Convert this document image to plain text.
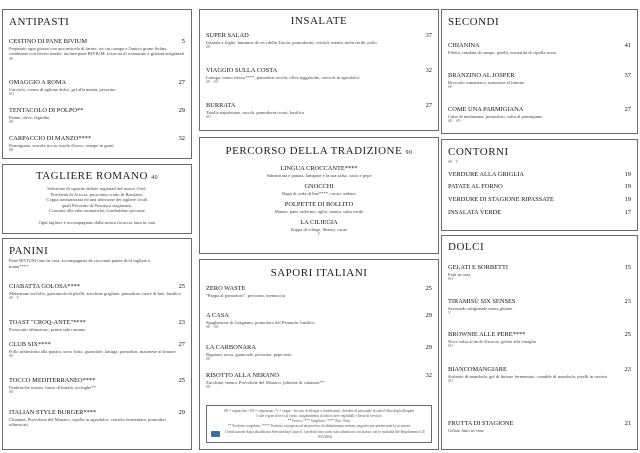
ANTIPASTI
CESTINO DI PANE BIVIUM	5
Preparato ogni giorno con una miscela di farine, tra cui canapa e l'antico grano Solina, combinate con lievito madre, incluse pane BIVIUM, focaccia al rosmarino e grissini artigianali
SE
OMAGGIO A ROMA	27
Carciofo, crema di aglione dolce, gel alla menta, pecorino
SO
TENTACOLO DI POLPO**	29
Patate, olive, fagiolini
SE
CARPACCIO DI MANZO****	32
Parmigiano, scarola riccia, tuorlo d'uovo, senape in grani
SE
TAGLIERE ROMANO 40
Selezione di squisite delizie regionali del nostro Chef:
Porchetta di Ariccia, prosciutto crudo di Bassiano,
Coppa aromatizzata ed una selezione dei tagliere locali
quali Pecorino di Picinisco stagionato,
Conciato alle erbe aromatiche, Garibaldino piccante
Ogni tagliere è accompagnato dalla nostra focaccia fatta in casa
PANINI
Pane BIVIUM fatto in casa, accompagnati da croccanti patate di/ol tagliate a mano****
CIABATTA GOLOSA****	25
Melanzane sott'olio, guacamole di piselli, zucchine grigliate, pomodoro cuore di bue, basilico
SE · V
TOAST "CROQ-ANTE"****	23
Prosciutto affumicato, primo sale romano
CLUB SIX****	27
Pollo affumicato alla piastra, uovo fritto, guanciale, lattuga, pomodori, maionese al limone
SE
TOCCO MEDITERRANEO****	25
Panbrioche tostato, burro di bufala, acciughe**
SE
ITALIAN STYLE BURGER****	29
Chianina, Provolone del Monaco, cipolla in agrodolce, cetriolo fermentato, pomodori affumicati
INSALATE
SUPER SALAD	37
Insalata a foglie, hummus di ceci della Tuscia, pomodorini, cetrioli, menta, mela verde, pollo
SE
VIAGGIO SULLA COSTA	32
Lattuga, tonno fresco****, pomodori secchi, olive taggiasche, carciofi in agrodolce
SE · SO
BURRATA	27
Tarallo napoletano, rucola, pomodorini rossi, basilico
SO
PERCORSO DELLA TRADIZIONE 90
LINGUA CROCCANTE****
Salmistrata e panata, lampone e la sua salsa, cacio e pepe
GNOCCHI
Ragù di coda di bue****, cacao, sedano
POLPETTE DI BOLLITO
Manzo, pane raffermo, aglio, menta, salsa verde
LA CILIEGIA
Zuppa di ciliege, Sherry, cacao
V
SAPORI ITALIANI
ZERO WASTE	25
"Pappa al pomodoro", pecorino, mentuccia
A CASA	29
Spaghettone di Gragnano, pomodoro del Piennolo, basilico
SE · SO
LA CARBONARA	29
Rigatoni, uova, guanciale, pecorino, pepe nero
SE
RISOTTO ALLA NERANO	32
Zucchine, menta, Provolone del Monaco, julienne di calamari**
SE
SE = vegan free / SO = vegetarian / V = vegan · In caso di allergie o intolleranze, chiedete al personale di sala il libro degli allergeni
I sale e gran di ovvi al forno, congelamento di lotti le aree regolabili e basse di servizio
** Fresco / *** Surgelato / **** Bio / Keto
** Prodotto congelato / **** Prodotto sottoposto ad un processo di abbattimento termico negativo per preservarne la sicurezza
Certificazione Aqua ultrafiltrata Stewardship Council. I prodotti ittici sono stati affumicati con bianco con le modalità del Regolamento CE 853/2004
SECONDI
CHIANINA	41
Filetto, insalata di campo, piselli, mostarda di cipolla rossa
BRANZINO AL JOSPER	37
Broccolo romanesco, maionese al limone
SE
COME UNA PARMIGIANA	27
Cubo di melanzana, pomodoro, salsa al parmigiano
SE · SO
CONTORNI
SE · V
VERDURE ALLA GRIGLIA	19
PATATE AL FORNO	19
VERDURE DI STAGIONE RIPASSATE	19
INSALATA VERDE	17
DOLCI
GELATI E SORBETTI	15
Fatti in casa
SO
TIRAMISÙ SIX SENSES	23
Savoiardo artigianale senza glutine
V
BROWNIE ALLE PERE****	25
Noci, salsa al mole d'acacia, gelato alla vaniglia
SO
BIANCOMANGIARE	23
Sorbetto di mandorla, gel di limone fermentato, crumble di mandorla, piselli in ossisso
SO
FRUTTA DI STAGIONE	21
Gelato fatto in casa
